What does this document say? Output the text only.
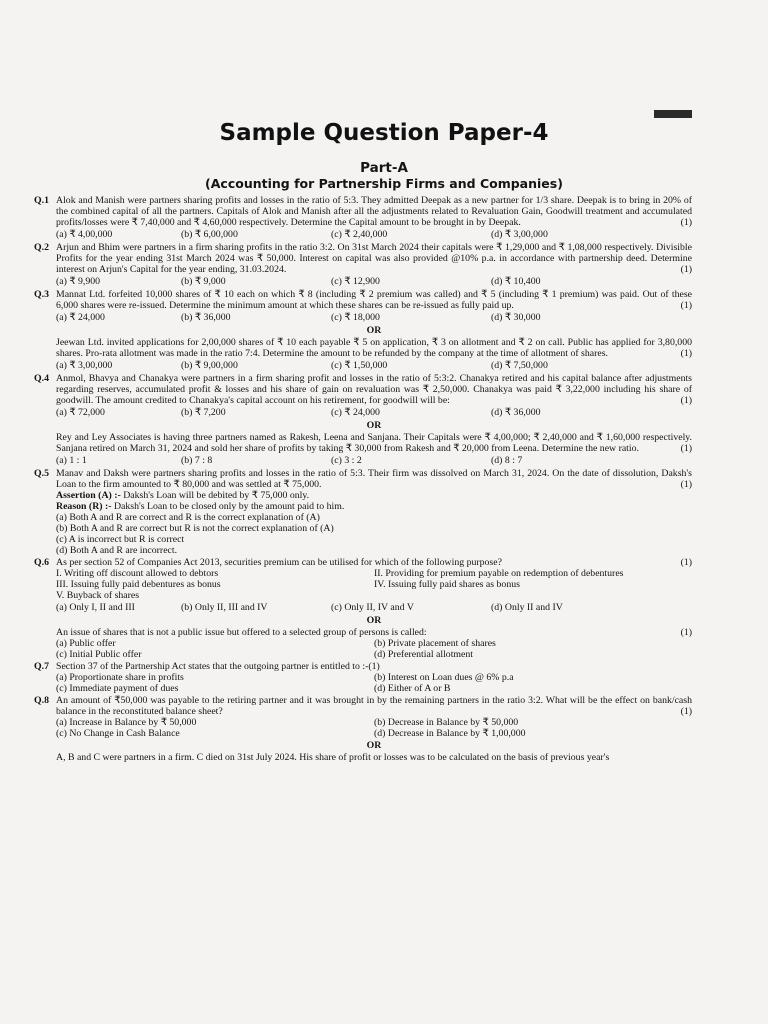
Sample Question Paper-4
Part-A
(Accounting for Partnership Firms and Companies)
Q.1 Alok and Manish were partners sharing profits and losses in the ratio of 5:3. They admitted Deepak as a new partner for 1/3 share. Deepak is to bring in 20% of the combined capital of all the partners. Capitals of Alok and Manish after all the adjustments related to Revaluation Gain, Goodwill treatment and accumulated profits/losses were ₹ 7,40,000 and ₹ 4,60,000 respectively. Determine the Capital amount to be brought in by Deepak.	(1)
(a) ₹ 4,00,000	(b) ₹ 6,00,000	(c) ₹ 2,40,000	(d) ₹ 3,00,000
Q.2 Arjun and Bhim were partners in a firm sharing profits in the ratio 3:2. On 31st March 2024 their capitals were ₹ 1,29,000 and ₹ 1,08,000 respectively. Divisible Profits for the year ending 31st March 2024 was ₹ 50,000. Interest on capital was also provided @10% p.a. in accordance with partnership deed. Determine interest on Arjun's Capital for the year ending, 31.03.2024.	(1)
(a) ₹ 9,900	(b) ₹ 9,000	(c) ₹ 12,900	(d) ₹ 10,400
Q.3 Mannat Ltd. forfeited 10,000 shares of ₹ 10 each on which ₹ 8 (including ₹ 2 premium was called) and ₹ 5 (including ₹ 1 premium) was paid. Out of these 6,000 shares were re-issued. Determine the minimum amount at which these shares can be re-issued as fully paid up.	(1)
(a) ₹ 24,000	(b) ₹ 36,000	(c) ₹ 18,000	(d) ₹ 30,000
OR
Jeewan Ltd. invited applications for 2,00,000 shares of ₹ 10 each payable ₹ 5 on application, ₹ 3 on allotment and ₹ 2 on call. Public has applied for 3,80,000 shares. Pro-rata allotment was made in the ratio 7:4. Determine the amount to be refunded by the company at the time of allotment of shares.	(1)
(a) ₹ 3,00,000	(b) ₹ 9,00,000	(c) ₹ 1,50,000	(d) ₹ 7,50,000
Q.4 Anmol, Bhavya and Chanakya were partners in a firm sharing profit and losses in the ratio of 5:3:2. Chanakya retired and his capital balance after adjustments regarding reserves, accumulated profit & losses and his share of gain on revaluation was ₹ 2,50,000. Chanakya was paid ₹ 3,22,000 including his share of goodwill. The amount credited to Chanakya's capital account on his retirement, for goodwill will be:	(1)
(a) ₹ 72,000	(b) ₹ 7,200	(c) ₹ 24,000	(d) ₹ 36,000
OR
Rey and Ley Associates is having three partners named as Rakesh, Leena and Sanjana. Their Capitals were ₹ 4,00,000; ₹ 2,40,000 and ₹ 1,60,000 respectively. Sanjana retired on March 31, 2024 and sold her share of profits by taking ₹ 30,000 from Rakesh and ₹ 20,000 from Leena. Determine the new ratio.	(1)
(a) 1 : 1	(b) 7 : 8	(c) 3 : 2	(d) 8 : 7
Q.5 Manav and Daksh were partners sharing profits and losses in the ratio of 5:3. Their firm was dissolved on March 31, 2024. On the date of dissolution, Daksh's Loan to the firm amounted to ₹ 80,000 and was settled at ₹ 75,000.	(1)
Assertion (A) :- Daksh's Loan will be debited by ₹ 75,000 only.
Reason (R) :- Daksh's Loan to be closed only by the amount paid to him.
(a) Both A and R are correct and R is the correct explanation of (A)
(b) Both A and R are correct but R is not the correct explanation of (A)
(c) A is incorrect but R is correct
(d) Both A and R are incorrect.
Q.6 As per section 52 of Companies Act 2013, securities premium can be utilised for which of the following purpose?	(1)
I. Writing off discount allowed to debtors	II. Providing for premium payable on redemption of debentures
III. Issuing fully paid debentures as bonus	IV. Issuing fully paid shares as bonus
V. Buyback of shares
(a) Only I, II and III	(b) Only II, III and IV	(c) Only II, IV and V	(d) Only II and IV
OR
An issue of shares that is not a public issue but offered to a selected group of persons is called:	(1)
(a) Public offer	(b) Private placement of shares
(c) Initial Public offer	(d) Preferential allotment
Q.7 Section 37 of the Partnership Act states that the outgoing partner is entitled to :-(1)
(a) Proportionate share in profits	(b) Interest on Loan dues @ 6% p.a
(c) Immediate payment of dues	(d) Either of A or B
Q.8 An amount of ₹50,000 was payable to the retiring partner and it was brought in by the remaining partners in the ratio 3:2. What will be the effect on bank/cash balance in the reconstituted balance sheet?	(1)
(a) Increase in Balance by ₹ 50,000	(b) Decrease in Balance by ₹ 50,000
(c) No Change in Cash Balance	(d) Decrease in Balance by ₹ 1,00,000
OR
A, B and C were partners in a firm. C died on 31st July 2024. His share of profit or losses was to be calculated on the basis of previous year's
